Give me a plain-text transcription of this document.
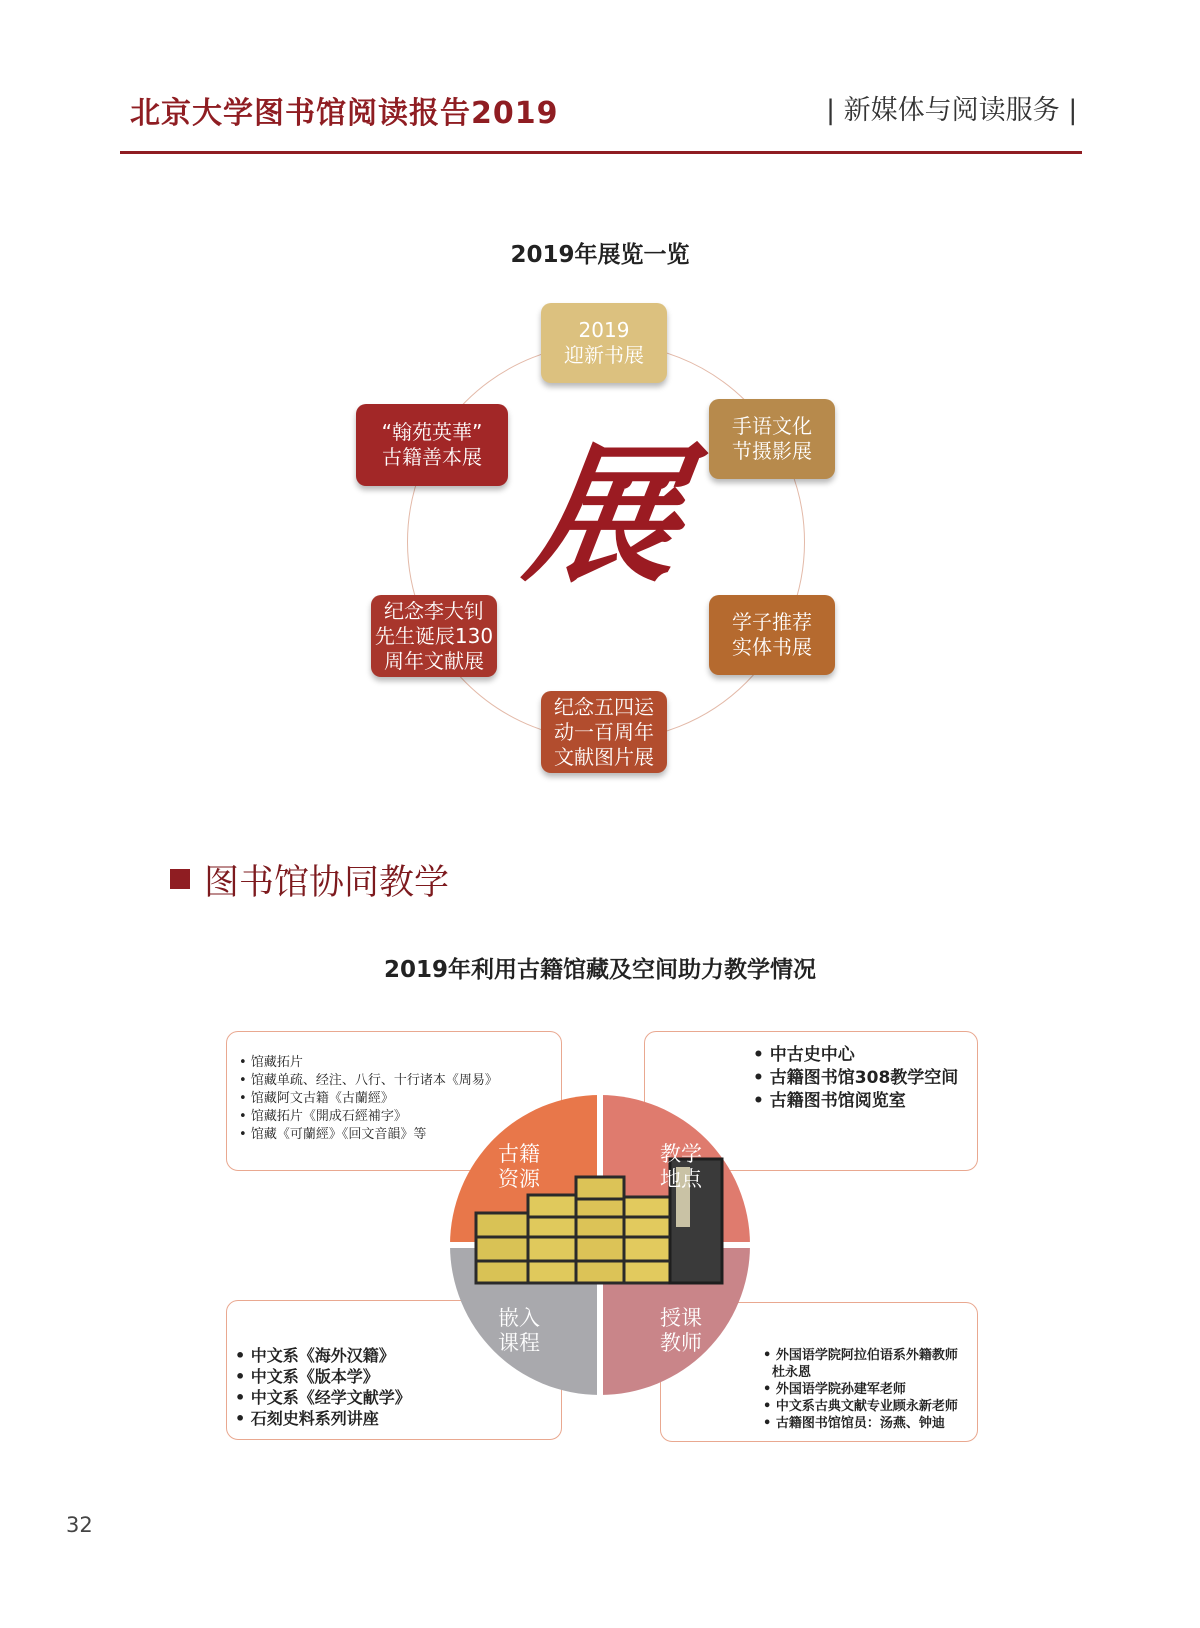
北京大学图书馆阅读报告2019	| 新媒体与阅读服务 |
2019年展览一览
展
2019
迎新书展
手语文化
节摄影展
学子推荐
实体书展
纪念五四运
动一百周年
文献图片展
纪念李大钊
先生诞辰130
周年文献展
“翰苑英華”
古籍善本展
图书馆协同教学
2019年利用古籍馆藏及空间助力教学情况
• 馆藏拓片
• 馆藏单疏、经注、八行、十行诸本《周易》
• 馆藏阿文古籍《古蘭經》
• 馆藏拓片《開成石經補字》
• 馆藏《可蘭經》《回文音韻》等
• 中古史中心
• 古籍图书馆308教学空间
• 古籍图书馆阅览室
• 中文系《海外汉籍》
• 中文系《版本学》
• 中文系《经学文献学》
• 石刻史料系列讲座
• 外国语学院阿拉伯语系外籍教师
杜永恩
• 外国语学院孙建军老师
• 中文系古典文献专业顾永新老师
• 古籍图书馆馆员：汤燕、钟迪
古籍
资源
教学
地点
嵌入
课程
授课
教师
32
